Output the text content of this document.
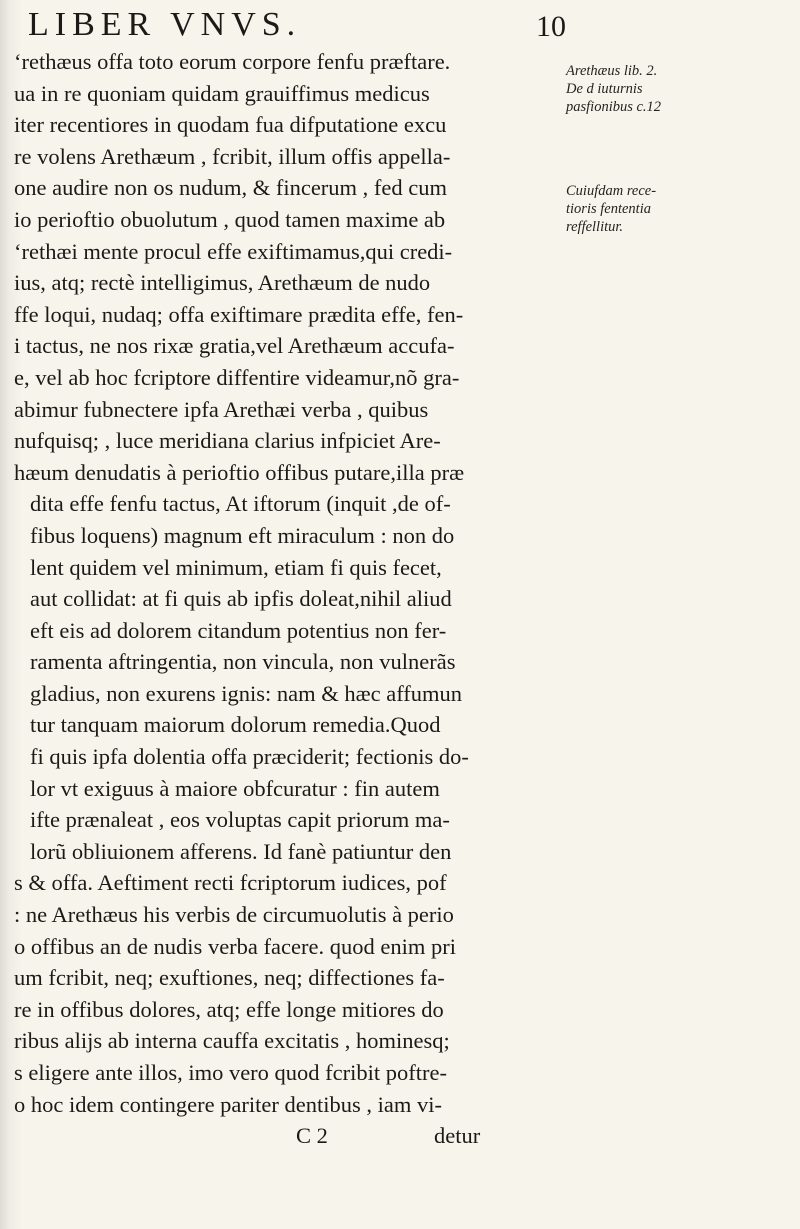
LIBER VNVS.	10
‘rethæus offa toto eorum corpore fenfu præftare.
ua in re quoniam quidam grauiffimus medicus
iter recentiores in quodam fua difputatione excu
re volens Arethæum , fcribit, illum offis appella-
one audire non os nudum, & fincerum , fed cum
io perioftio obuolutum , quod tamen maxime ab
‘rethæi mente procul effe exiftimamus,qui credi-
ius, atq; rectè intelligimus, Arethæum de nudo
ffe loqui, nudaq; offa exiftimare prædita effe, fen-
i tactus, ne nos rixæ gratia,vel Arethæum accufa-
e, vel ab hoc fcriptore diffentire videamur,nõ gra-
abimur fubnectere ipfa Arethæi verba , quibus
nufquisq; , luce meridiana clarius infpiciet Are-
hæum denudatis à perioftio offibus putare,illa præ
dita effe fenfu tactus, At iftorum (inquit ,de of-
fibus loquens) magnum eft miraculum : non do
lent quidem vel minimum, etiam fi quis fecet,
aut collidat: at fi quis ab ipfis doleat,nihil aliud
eft eis ad dolorem citandum potentius non fer-
ramenta aftringentia, non vincula, non vulnerãs
gladius, non exurens ignis: nam & hæc affumun
tur tanquam maiorum dolorum remedia.Quod
fi quis ipfa dolentia offa præciderit; fectionis do-
lor vt exiguus à maiore obfcuratur : fin autem
ifte prænaleat , eos voluptas capit priorum ma-
lorũ obliuionem afferens. Id fanè patiuntur den
s & offa. Aeftiment recti fcriptorum iudices, pof
: ne Arethæus his verbis de circumuolutis à perio
o offibus an de nudis verba facere. quod enim pri
um fcribit, neq; exuftiones, neq; diffectiones fa-
re in offibus dolores, atq; effe longe mitiores do
ribus alijs ab interna cauffa excitatis , hominesq;
s eligere ante illos, imo vero quod fcribit poftre-
o hoc idem contingere pariter dentibus , iam vi-
C 2	detur
Arethæus lib. 2.
De d iuturnis
pasfionibus c.12
Cuiufdam rece-
tioris fententia
reffellitur.
